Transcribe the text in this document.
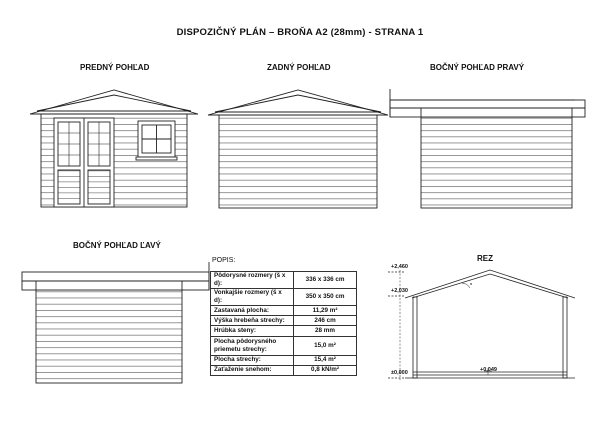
DISPOZIČNÝ PLÁN – BROŇA A2 (28mm) - STRANA 1
PREDNÝ POHĽAD	ZADNÝ POHĽAD	BOČNÝ POHĽAD PRAVÝ
BOČNÝ POHĽAD ĽAVÝ
REZ
POPIS:
Pôdorysné rozmery (š x d):	336 x 336 cm
Vonkajšie rozmery (š x d):	350 x 350 cm
Zastavaná plocha:	11,29 m²
Výška hrebeňa strechy:	246 cm
Hrúbka steny:	28 mm
Plocha pôdorysného priemetu strechy:	15,0 m²
Plocha strechy:	15,4 m²
Zaťaženie snehom:	0,8 kN/m²
+2,460
+2,030
±0,000	+0,049
°
